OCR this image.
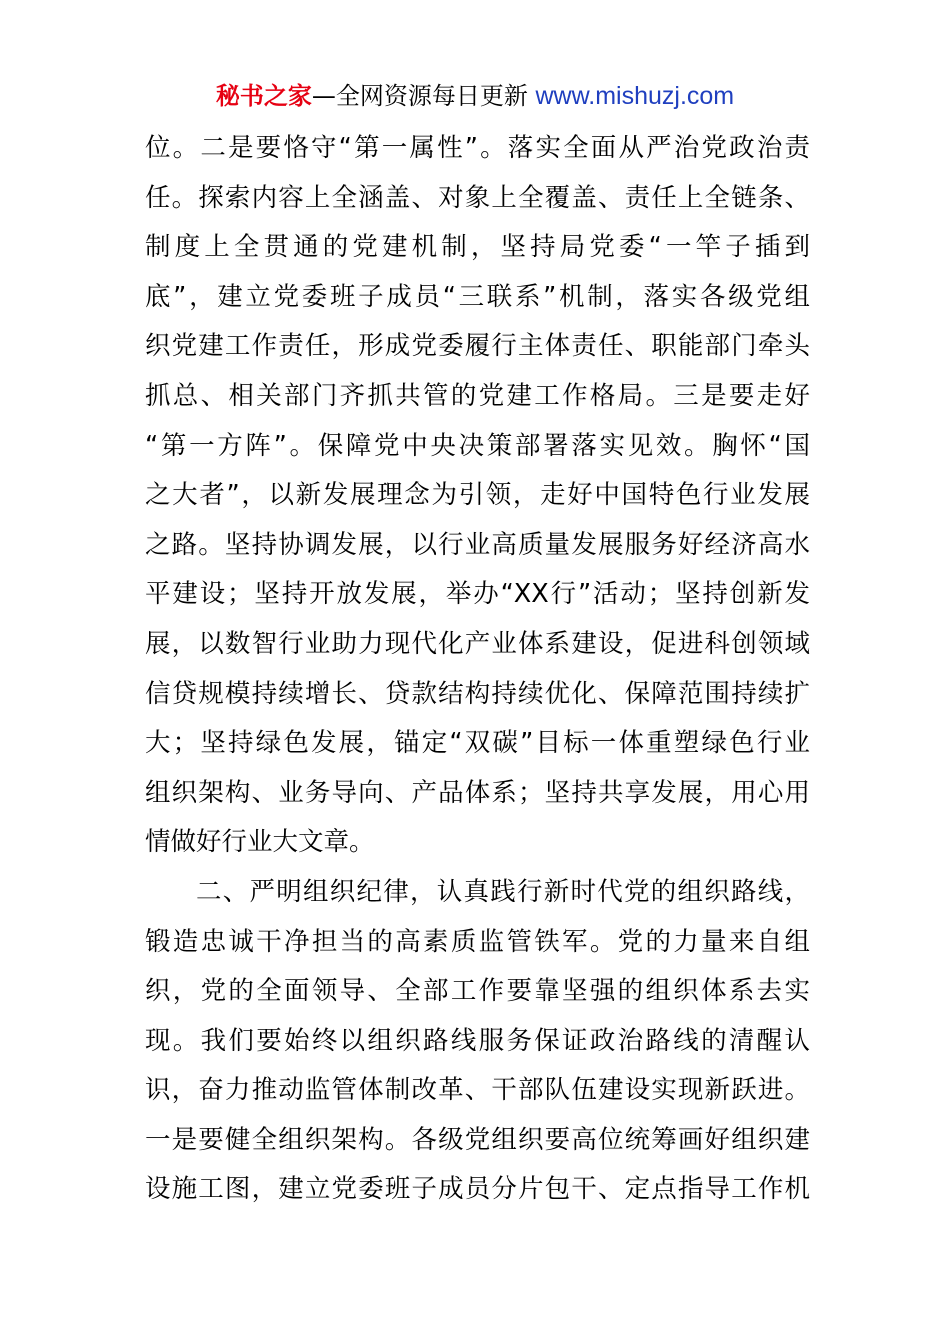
秘书之家—全网资源每日更新 www.mishuzj.com
位。二是要恪守“第一属性”。落实全面从严治党政治责
任。探索内容上全涵盖、对象上全覆盖、责任上全链条、
制度上全贯通的党建机制，坚持局党委“一竿子插到
底”，建立党委班子成员“三联系”机制，落实各级党组
织党建工作责任，形成党委履行主体责任、职能部门牵头
抓总、相关部门齐抓共管的党建工作格局。三是要走好
“第一方阵”。保障党中央决策部署落实见效。胸怀“国
之大者”，以新发展理念为引领，走好中国特色行业发展
之路。坚持协调发展，以行业高质量发展服务好经济高水
平建设；坚持开放发展，举办“XX行”活动；坚持创新发
展，以数智行业助力现代化产业体系建设，促进科创领域
信贷规模持续增长、贷款结构持续优化、保障范围持续扩
大；坚持绿色发展，锚定“双碳”目标一体重塑绿色行业
组织架构、业务导向、产品体系；坚持共享发展，用心用
情做好行业大文章。
二、严明组织纪律，认真践行新时代党的组织路线，
锻造忠诚干净担当的高素质监管铁军。党的力量来自组
织，党的全面领导、全部工作要靠坚强的组织体系去实
现。我们要始终以组织路线服务保证政治路线的清醒认
识，奋力推动监管体制改革、干部队伍建设实现新跃进。
一是要健全组织架构。各级党组织要高位统筹画好组织建
设施工图，建立党委班子成员分片包干、定点指导工作机
